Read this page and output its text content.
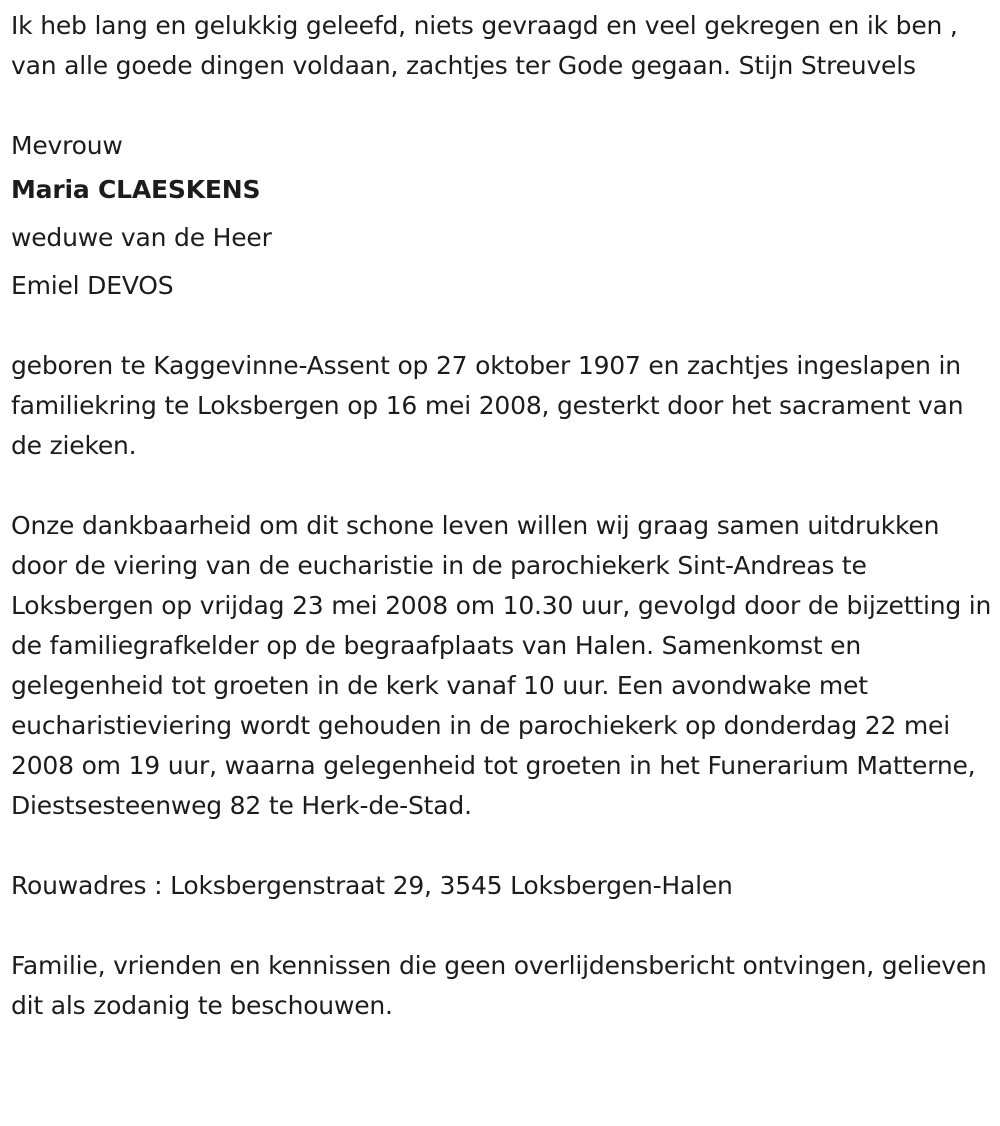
Ik heb lang en gelukkig geleefd, niets gevraagd en veel gekregen en ik ben , van alle goede dingen voldaan, zachtjes ter Gode gegaan. Stijn Streuvels

Mevrouw

Maria CLAESKENS

weduwe van de Heer

Emiel DEVOS

geboren te Kaggevinne-Assent op 27 oktober 1907 en zachtjes ingeslapen in familiekring te Loksbergen op 16 mei 2008, gesterkt door het sacrament van de zieken.

Onze dankbaarheid om dit schone leven willen wij graag samen uitdrukken door de viering van de eucharistie in de parochiekerk Sint-Andreas te Loksbergen op vrijdag 23 mei 2008 om 10.30 uur, gevolgd door de bijzetting in de familiegrafkelder op de begraafplaats van Halen. Samenkomst en gelegenheid tot groeten in de kerk vanaf 10 uur. Een avondwake met eucharistieviering wordt gehouden in de parochiekerk op donderdag 22 mei 2008 om 19 uur, waarna gelegenheid tot groeten in het Funerarium Matterne, Diestsesteenweg 82 te Herk-de-Stad.

Rouwadres : Loksbergenstraat 29, 3545 Loksbergen-Halen

Familie, vrienden en kennissen die geen overlijdensbericht ontvingen, gelieven dit als zodanig te beschouwen.
